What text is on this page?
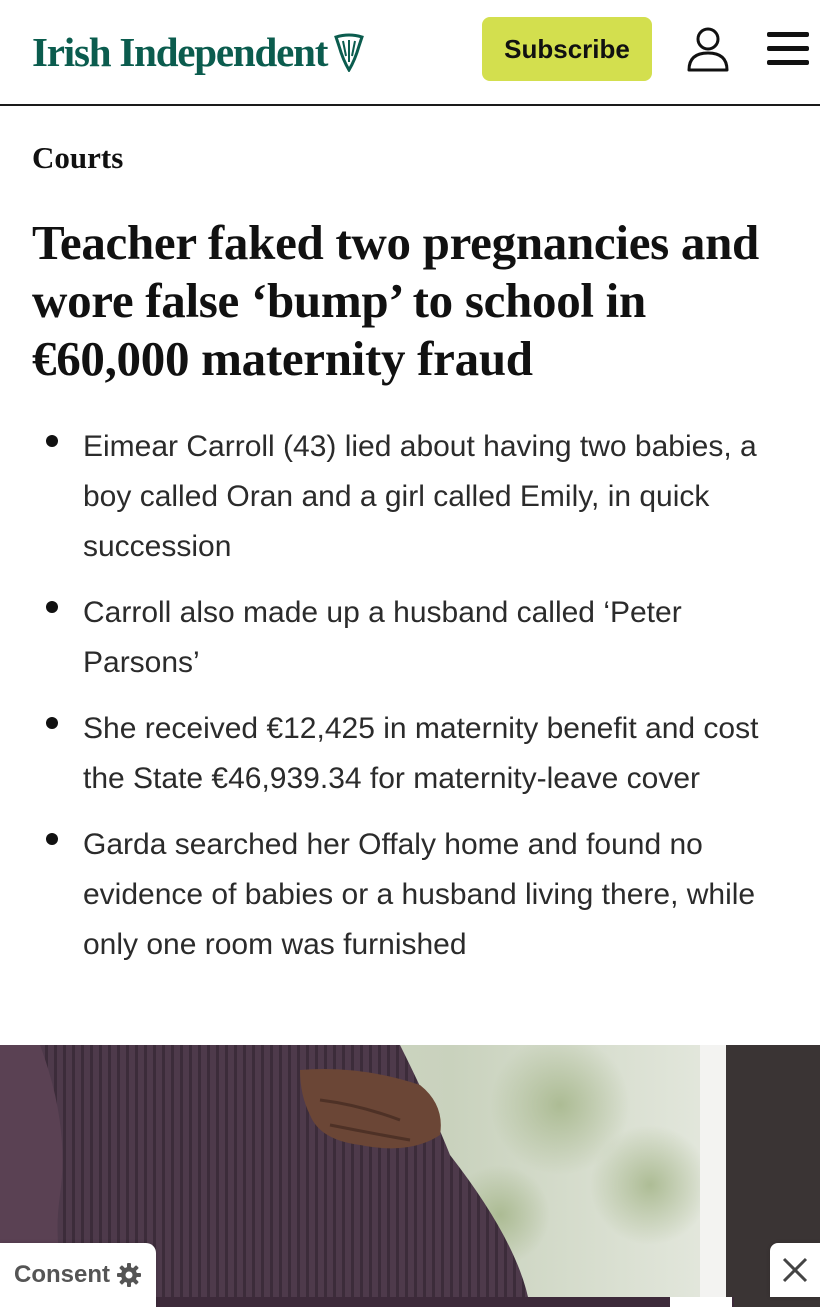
Irish Independent	Subscribe
Courts
Teacher faked two pregnancies and wore false ‘bump’ to school in €60,000 maternity fraud
Eimear Carroll (43) lied about having two babies, a boy called Oran and a girl called Emily, in quick succession
Carroll also made up a husband called ‘Peter Parsons’
She received €12,425 in maternity benefit and cost the State €46,939.34 for maternity-leave cover
Garda searched her Offaly home and found no evidence of babies or a husband living there, while only one room was furnished
Consent
